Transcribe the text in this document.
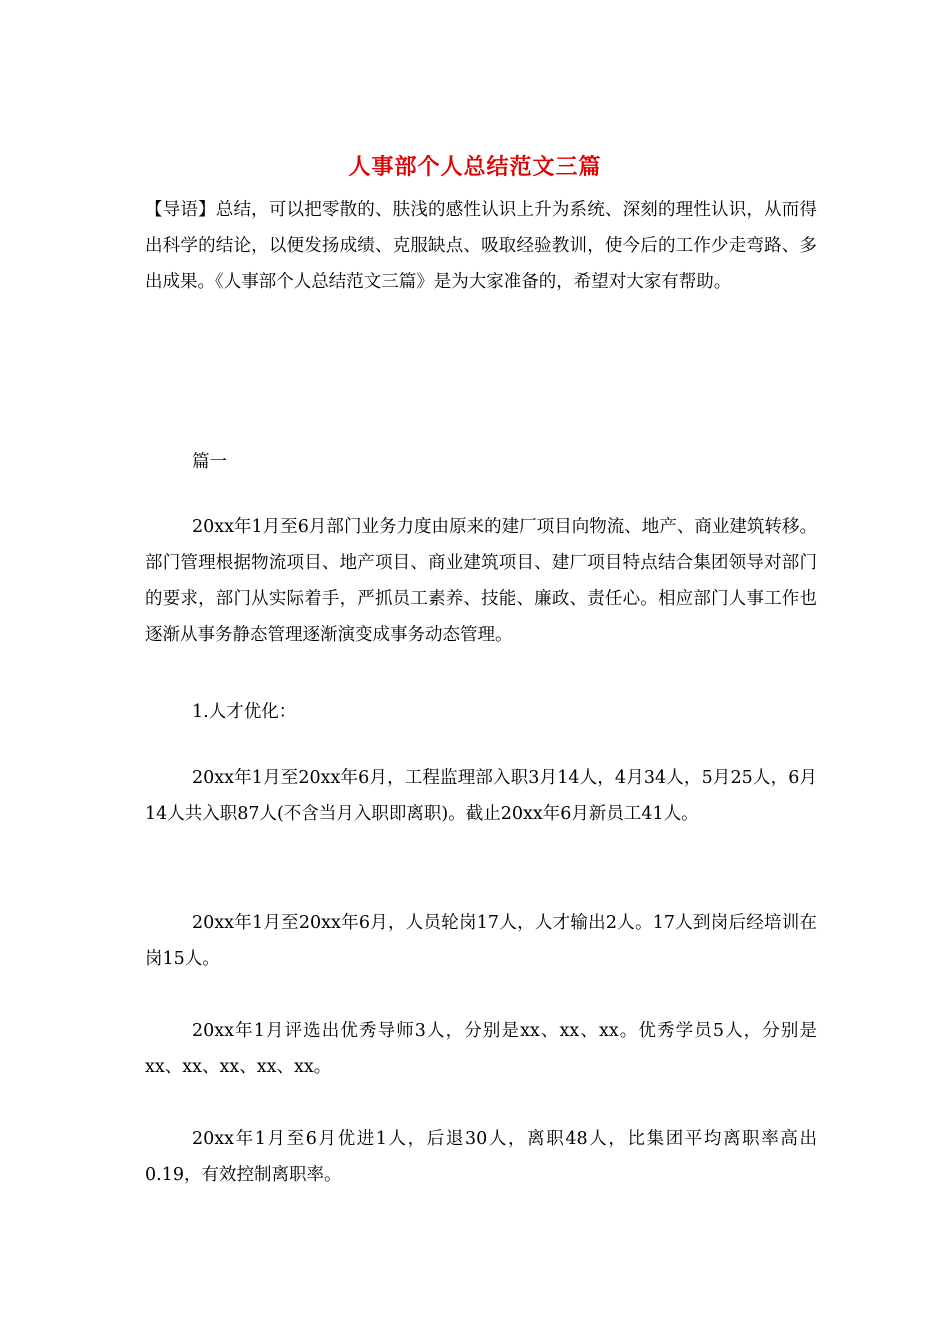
人事部个人总结范文三篇
【导语】总结，可以把零散的、肤浅的感性认识上升为系统、深刻的理性认识，从而得出科学的结论，以便发扬成绩、克服缺点、吸取经验教训，使今后的工作少走弯路、多出成果。《人事部个人总结范文三篇》是为大家准备的，希望对大家有帮助。
篇一
20xx年1月至6月部门业务力度由原来的建厂项目向物流、地产、商业建筑转移。部门管理根据物流项目、地产项目、商业建筑项目、建厂项目特点结合集团领导对部门的要求，部门从实际着手，严抓员工素养、技能、廉政、责任心。相应部门人事工作也逐渐从事务静态管理逐渐演变成事务动态管理。
1.人才优化：
20xx年1月至20xx年6月，工程监理部入职3月14人，4月34人，5月25人，6月14人共入职87人(不含当月入职即离职)。截止20xx年6月新员工41人。
20xx年1月至20xx年6月，人员轮岗17人，人才输出2人。17人到岗后经培训在岗15人。
20xx年1月评选出优秀导师3人，分别是xx、xx、xx。优秀学员5人，分别是xx、xx、xx、xx、xx。
20xx年1月至6月优进1人，后退30人，离职48人，比集团平均离职率高出0.19，有效控制离职率。
